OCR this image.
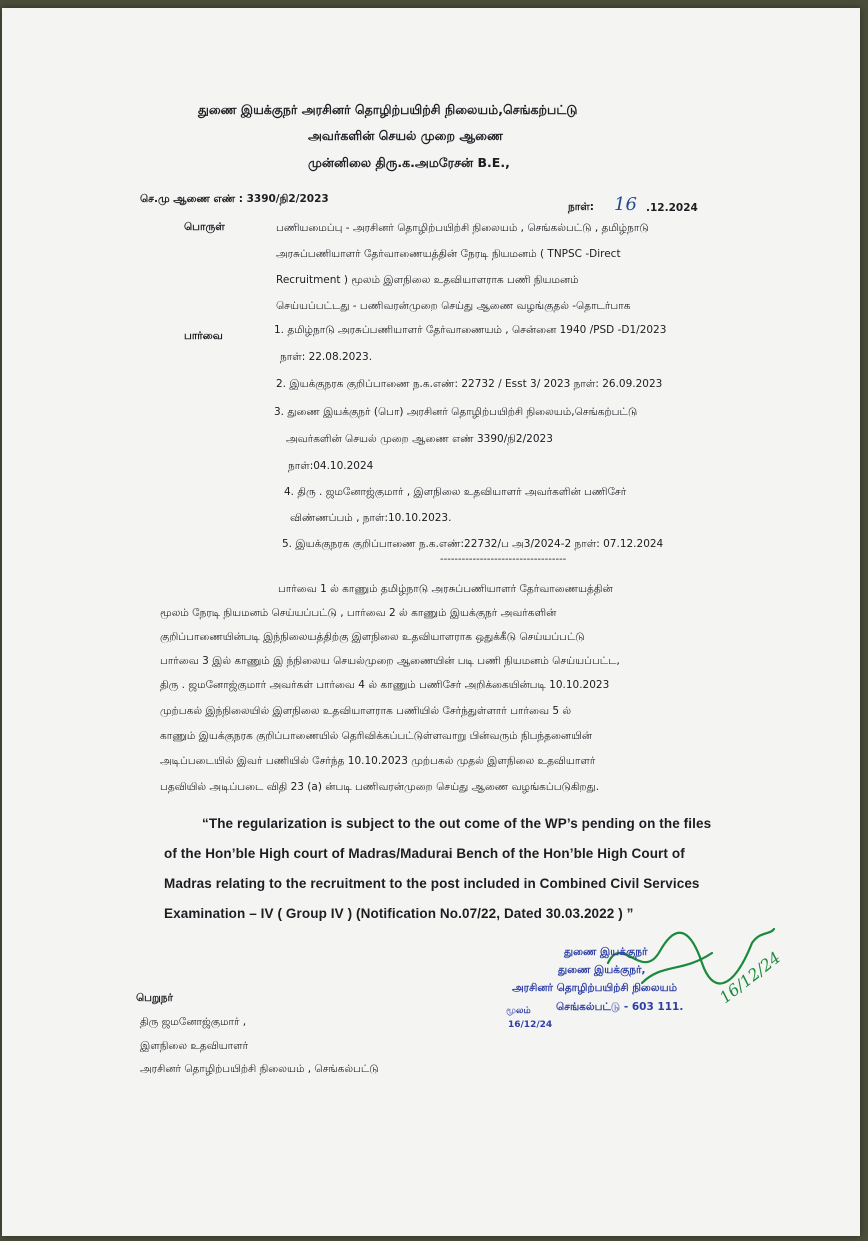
துணை இயக்குநர் அரசினர் தொழிற்பயிற்சி நிலையம்,செங்கற்பட்டு
அவர்களின் செயல் முறை ஆணை
முன்னிலை திரு.க.அமரேசன் B.E.,
செ.மு ஆணை எண் : 3390/நி2/2023
நாள்: 16 .12.2024
பொருள்	பணியமைப்பு - அரசினர் தொழிற்பயிற்சி நிலையம் , செங்கல்பட்டு , தமிழ்நாடு
அரசுப்பணியாளர் தேர்வாணையத்தின் நேரடி நியமனம் ( TNPSC -Direct
Recruitment ) மூலம் இளநிலை உதவியாளராக பணி நியமனம்
செய்யப்பட்டது - பணிவரன்முறை செய்து ஆணை வழங்குதல் -தொடர்பாக
பார்வை	1. தமிழ்நாடு அரசுப்பணியாளர் தேர்வாணையம் , சென்னை 1940 /PSD -D1/2023
நாள்: 22.08.2023.
2. இயக்குநரக குறிப்பாணை ந.க.எண்: 22732 / Esst 3/ 2023 நாள்: 26.09.2023
3. துணை இயக்குநர் (பொ) அரசினர் தொழிற்பயிற்சி நிலையம்,செங்கற்பட்டு
அவர்களின் செயல் முறை ஆணை எண் 3390/நி2/2023
நாள்:04.10.2024
4. திரு . ஜமனோஜ்குமார் , இளநிலை உதவியாளர் அவர்களின் பணிசேர்
விண்ணப்பம் , நாள்:10.10.2023.
5. இயக்குநரக குறிப்பாணை ந.க.எண்:22732/ப அ3/2024-2 நாள்: 07.12.2024
-----------------------------------
பார்வை 1 ல் காணும் தமிழ்நாடு அரசுப்பணியாளர் தேர்வாணையத்தின்
மூலம் நேரடி நியமனம் செய்யப்பட்டு , பார்வை 2 ல் காணும் இயக்குநர் அவர்களின்
குறிப்பாணையின்படி இந்நிலையத்திற்கு இளநிலை உதவியாளராக ஒதுக்கீடு செய்யப்பட்டு
பார்வை 3 இல் காணும் இ ந்நிலைய செயல்முறை ஆணையின் படி பணி நியமனம் செய்யப்பட்ட,
திரு . ஜமனோஜ்குமார் அவர்கள் பார்வை 4 ல் காணும் பணிசேர் அறிக்கையின்படி 10.10.2023
முற்பகல் இந்நிலையில் இளநிலை உதவியாளராக பணியில் சேர்ந்துள்ளார் பார்வை 5 ல்
காணும் இயக்குநரக குறிப்பாணையில் தெரிவிக்கப்பட்டுள்ளவாறு பின்வரும் நிபந்தனையின்
அடிப்படையில் இவர் பணியில் சேர்ந்த 10.10.2023 முற்பகல் முதல் இளநிலை உதவியாளர்
பதவியில் அடிப்படை விதி 23 (a) ன்படி பணிவரன்முறை செய்து ஆணை வழங்கப்படுகிறது.
“The regularization is subject to the out come of the WP’s pending on the files
of the Hon’ble High court of Madras/Madurai Bench of the Hon’ble High Court of
Madras relating to the recruitment to the post included in Combined Civil Services
Examination – IV ( Group IV ) (Notification No.07/22, Dated 30.03.2022 ) ”
துணை இயக்குநர்
துணை இயக்குநர்,
அரசினர் தொழிற்பயிற்சி நிலையம்
செங்கல்பட்டு - 603 111. 16/12/24
மூலம்
16/12/24
பெறுநர்
திரு ஜமனோஜ்குமார் ,
இளநிலை உதவியாளர்
அரசினர் தொழிற்பயிற்சி நிலையம் , செங்கல்பட்டு
